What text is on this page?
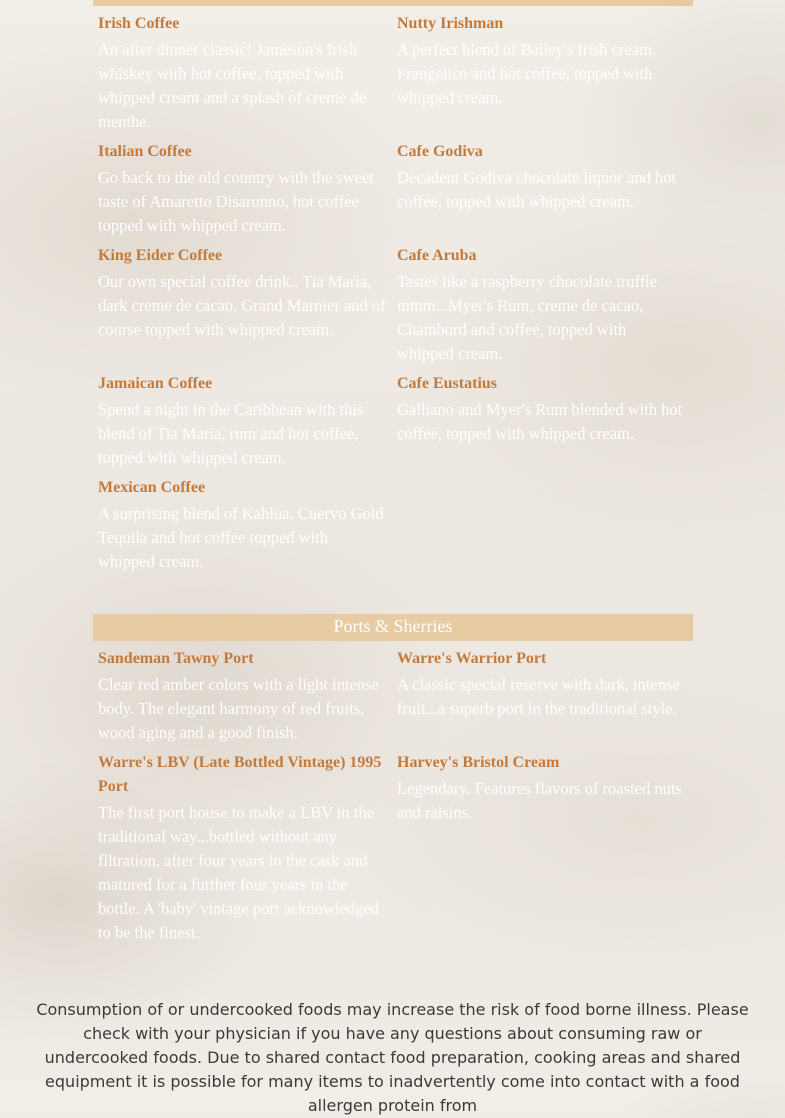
Irish Coffee

An after dinner classic! Jameson's Irish whiskey with hot coffee, topped with whipped cream and a splash of creme de menthe.

Italian Coffee

Go back to the old country with the sweet taste of Amaretto Disaronno, hot coffee topped with whipped cream.

King Eider Coffee

Our own special coffee drink.. Tia Maria, dark creme de cacao, Grand Marnier and of course topped with whipped cream.

Jamaican Coffee

Spend a night in the Caribbean with this blend of Tia Maria, rum and hot coffee, topped with whipped cream.

Mexican Coffee

A surprising blend of Kahlua, Cuervo Gold Tequila and hot coffee topped with whipped cream.

Nutty Irishman

A perfect blend of Bailey's Irish cream, Frangelico and hot coffee, topped with whipped cream.

Cafe Godiva

Decadent Godiva chocolate liquor and hot coffee, topped with whipped cream.

Cafe Aruba

Tastes like a raspberry chocolate truffle mmm...Myer's Rum, creme de cacao, Chambord and coffee, topped with whipped cream.

Cafe Eustatius

Galliano and Myer's Rum blended with hot coffee, topped with whipped cream.

Ports & Sherries
Sandeman Tawny Port

Clear red amber colors with a light intense body. The elegant harmony of red fruits, wood aging and a good finish.

Warre's LBV (Late Bottled Vintage) 1995 Port

The first port house to make a LBV in the traditional way...bottled without any filtration, after four years in the cask and matured for a further four years in the bottle. A 'baby' vintage port acknowledged to be the finest.

Warre's Warrior Port

A classic special reserve with dark, intense fruit...a superb port in the traditional style.

Harvey's Bristol Cream

Legendary. Features flavors of roasted nuts and raisins.

Consumption of or undercooked foods may increase the risk of food borne illness. Please check with your physician if you have any questions about consuming raw or undercooked foods. Due to shared contact food preparation, cooking areas and shared equipment it is possible for many items to inadvertently come into contact with a food allergen protein from
